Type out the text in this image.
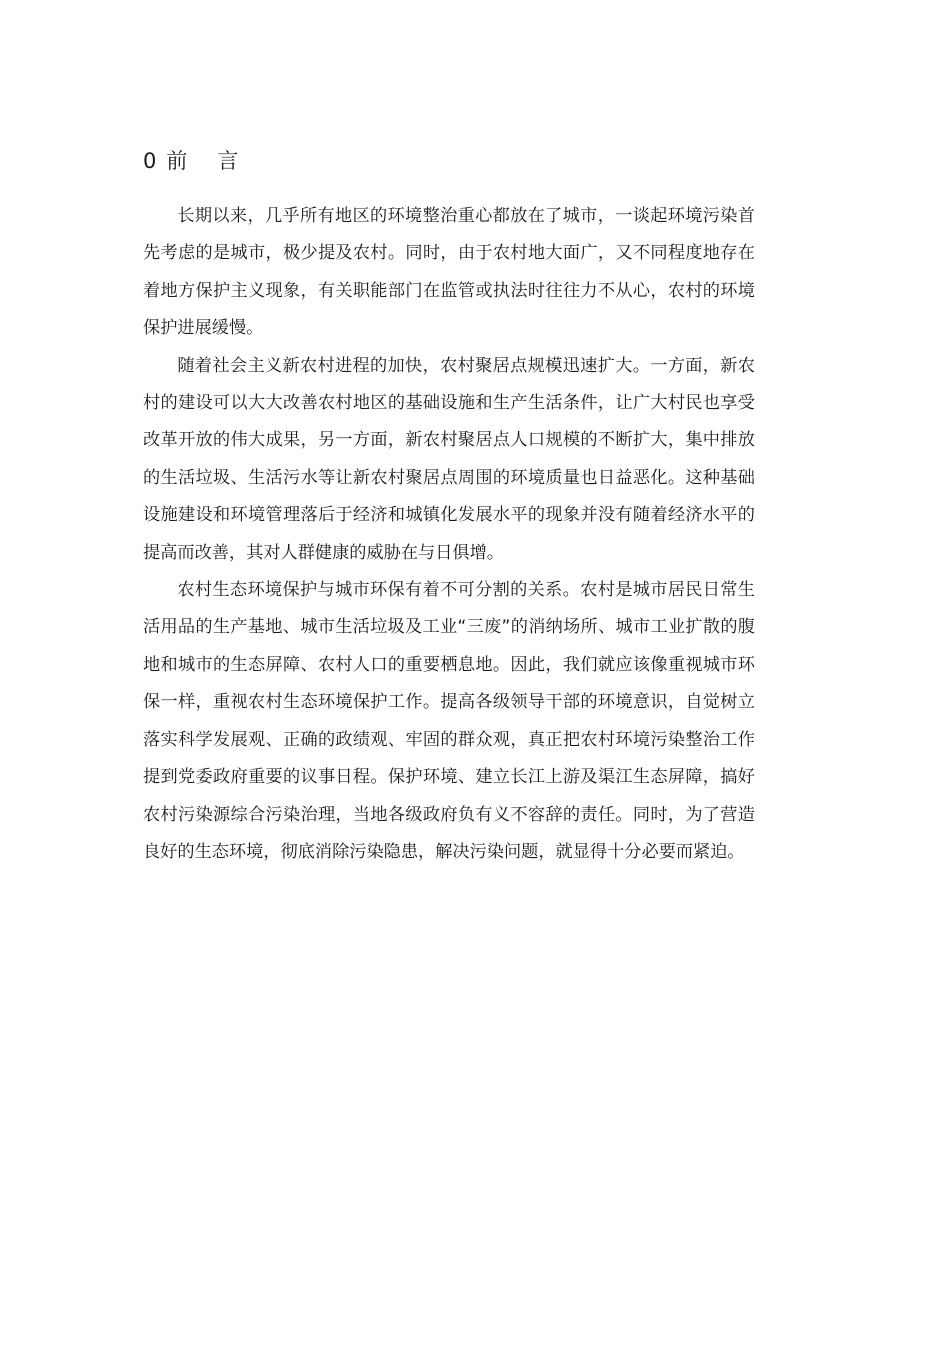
0 前 言

长期以来，几乎所有地区的环境整治重心都放在了城市，一谈起环境污染首先考虑的是城市，极少提及农村。同时，由于农村地大面广，又不同程度地存在着地方保护主义现象，有关职能部门在监管或执法时往往力不从心，农村的环境保护进展缓慢。

随着社会主义新农村进程的加快，农村聚居点规模迅速扩大。一方面，新农村的建设可以大大改善农村地区的基础设施和生产生活条件，让广大村民也享受改革开放的伟大成果，另一方面，新农村聚居点人口规模的不断扩大，集中排放的生活垃圾、生活污水等让新农村聚居点周围的环境质量也日益恶化。这种基础设施建设和环境管理落后于经济和城镇化发展水平的现象并没有随着经济水平的提高而改善，其对人群健康的威胁在与日俱增。

农村生态环境保护与城市环保有着不可分割的关系。农村是城市居民日常生活用品的生产基地、城市生活垃圾及工业“三废”的消纳场所、城市工业扩散的腹地和城市的生态屏障、农村人口的重要栖息地。因此，我们就应该像重视城市环保一样，重视农村生态环境保护工作。提高各级领导干部的环境意识，自觉树立落实科学发展观、正确的政绩观、牢固的群众观，真正把农村环境污染整治工作提到党委政府重要的议事日程。保护环境、建立长江上游及渠江生态屏障，搞好农村污染源综合污染治理，当地各级政府负有义不容辞的责任。同时，为了营造良好的生态环境，彻底消除污染隐患，解决污染问题，就显得十分必要而紧迫。
